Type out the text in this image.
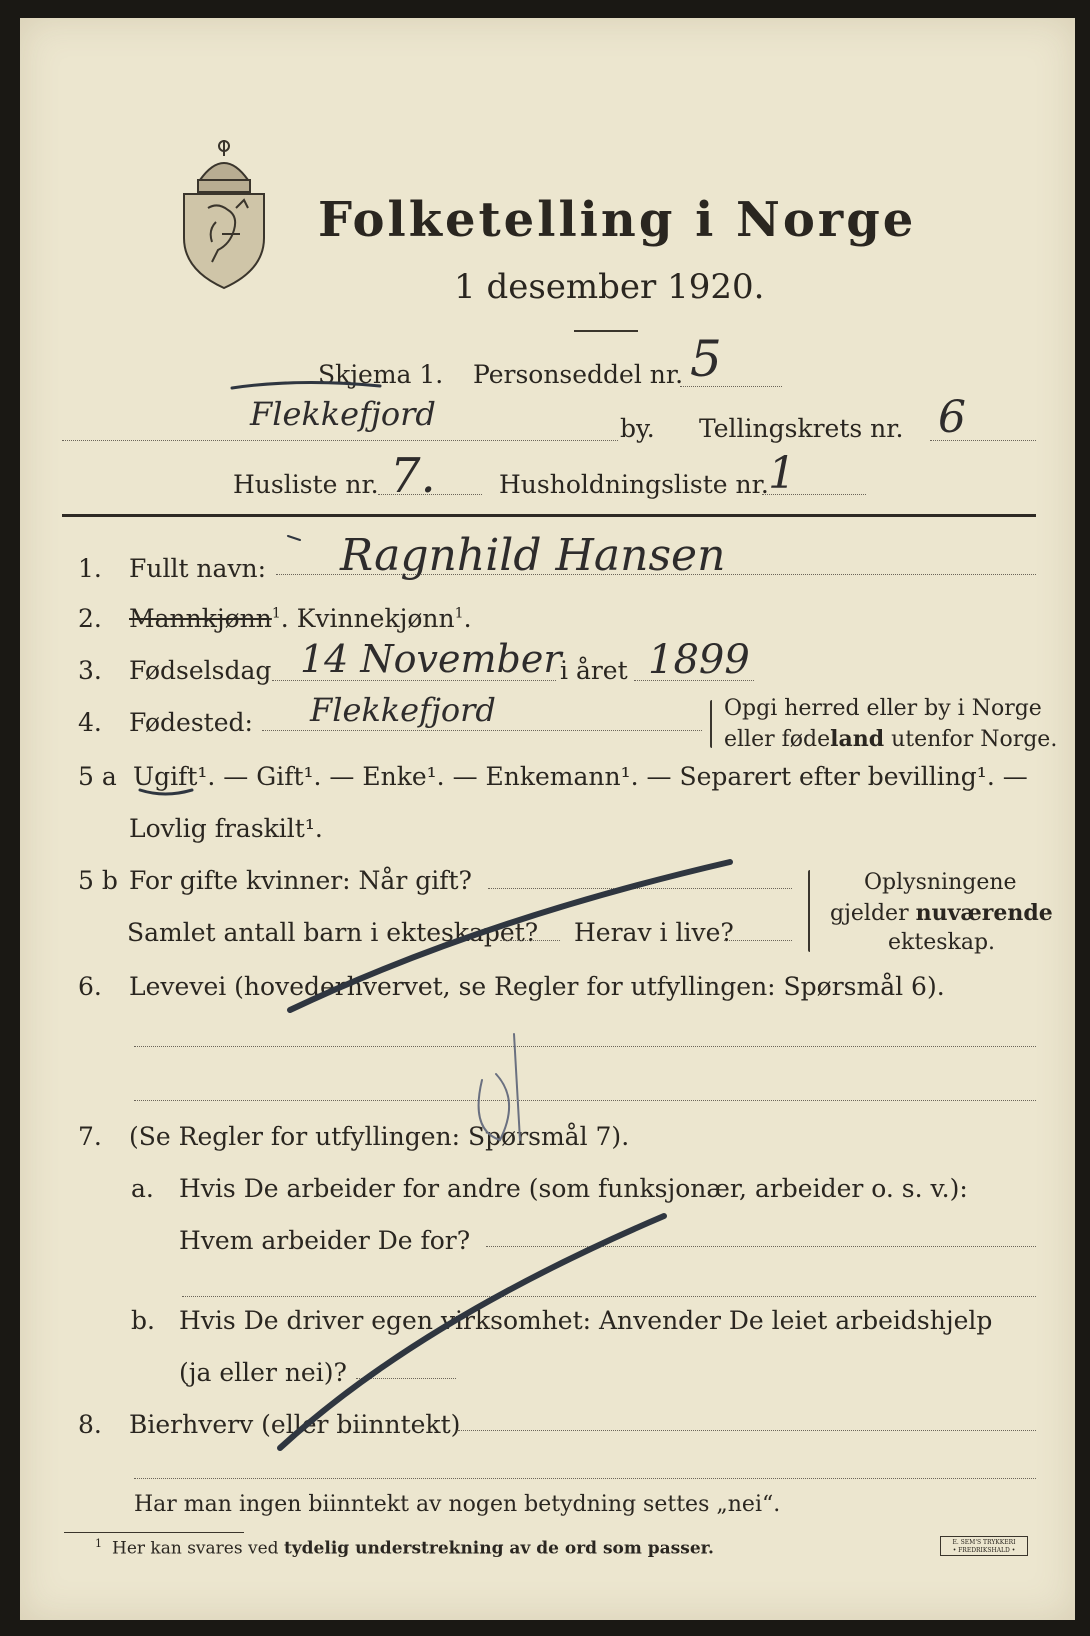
Folketelling i Norge
1 desember 1920.
Skjema 1. Personseddel nr. 5
Flekkefjord	by. Tellingskrets nr. 6
Husliste nr. 7.	Husholdningsliste nr. 1
1. Fullt navn: Ragnhild Hansen
2. Mannkjønn$^1$. Kvinnekjønn$^1$.
3. Fødselsdag 14 November
i året 1899
4. Fødested: Flekkefjord	Opgi herred eller by i Norge
eller fødeland utenfor Norge.
5 a Ugift¹. — Gift¹. — Enke¹. — Enkemann¹. — Separert efter bevilling¹. —
Lovlig fraskilt¹.
5 b For gifte kvinner: Når gift?
Samlet antall barn i ekteskapet? Herav i live?
Oplysningene
gjelder nuværende
ekteskap.
6. Levevei (hovederhvervet, se Regler for utfyllingen: Spørsmål 6).
7. (Se Regler for utfyllingen: Spørsmål 7).
a. Hvis De arbeider for andre (som funksjonær, arbeider o. s. v.):
Hvem arbeider De for?
b. Hvis De driver egen virksomhet: Anvender De leiet arbeidshjelp
(ja eller nei)?
8. Bierhverv (eller biinntekt)
Har man ingen biinntekt av nogen betydning settes „nei“.
$^1$ Her kan svares ved tydelig understrekning av de ord som passer.	E. SEM'S TRYKKERI
• FREDRIKSHALD •
